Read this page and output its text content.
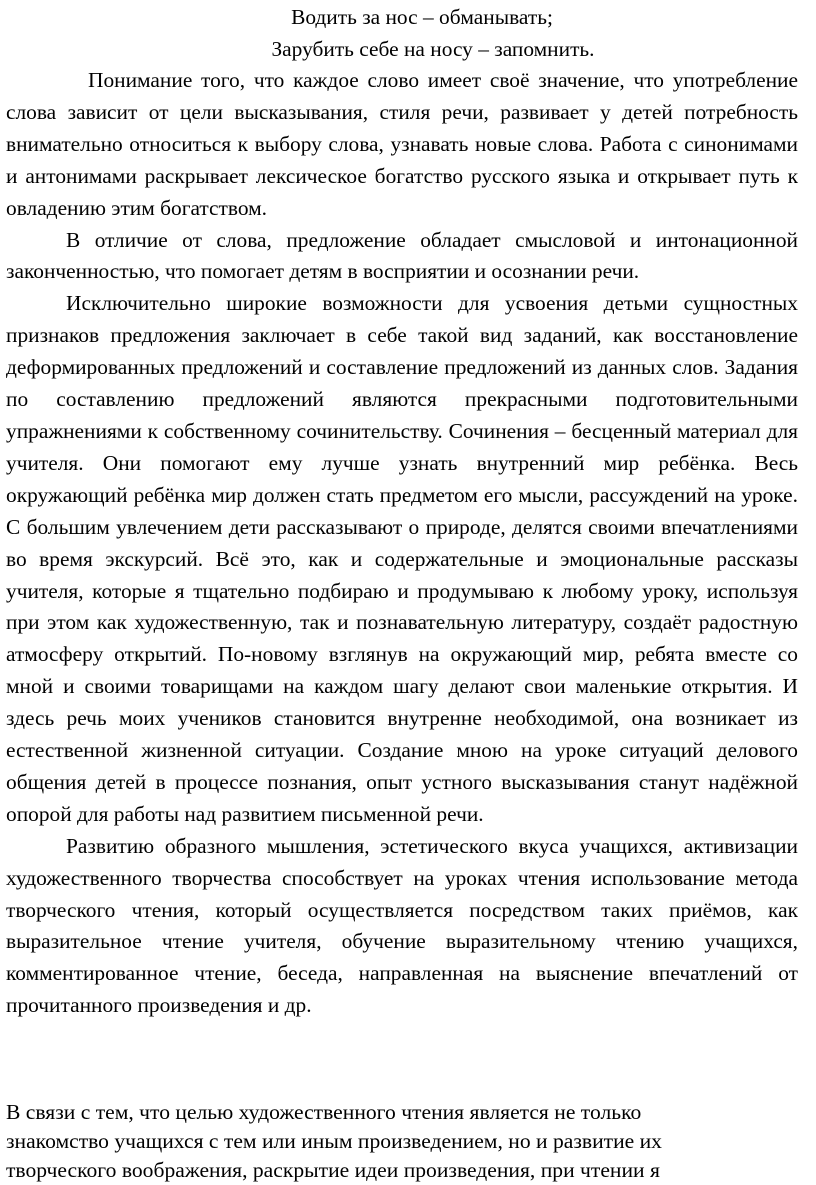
Водить за нос – обманывать;

Зарубить себе на носу – запомнить.

Понимание того, что каждое слово имеет своё значение, что употребление слова зависит от цели высказывания, стиля речи, развивает у детей потребность внимательно относиться к выбору слова, узнавать новые слова. Работа с синонимами и антонимами раскрывает лексическое богатство русского языка и открывает путь к овладению этим богатством.

В отличие от слова, предложение обладает смысловой и интонационной законченностью, что помогает детям в восприятии и осознании речи.

Исключительно широкие возможности для усвоения детьми сущностных признаков предложения заключает в себе такой вид заданий, как восстановление деформированных предложений и составление предложений из данных слов. Задания по составлению предложений являются прекрасными подготовительными упражнениями к собственному сочинительству. Сочинения – бесценный материал для учителя. Они помогают ему лучше узнать внутренний мир ребёнка. Весь окружающий ребёнка мир должен стать предметом его мысли, рассуждений на уроке. С большим увлечением дети рассказывают о природе, делятся своими впечатлениями во время экскурсий. Всё это, как и содержательные и эмоциональные рассказы учителя, которые я тщательно подбираю и продумываю к любому уроку, используя при этом как художественную, так и познавательную литературу, создаёт радостную атмосферу открытий. По-новому взглянув на окружающий мир, ребята вместе со мной и своими товарищами на каждом шагу делают свои маленькие открытия. И здесь речь моих учеников становится внутренне необходимой, она возникает из естественной жизненной ситуации. Создание мною на уроке ситуаций делового общения детей в процессе познания, опыт устного высказывания станут надёжной опорой для работы над развитием письменной речи.

Развитию образного мышления, эстетического вкуса учащихся, активизации художественного творчества способствует на уроках чтения использование метода творческого чтения, который осуществляется посредством таких приёмов, как выразительное чтение учителя, обучение выразительному чтению учащихся, комментированное чтение, беседа, направленная на выяснение впечатлений от прочитанного произведения и др.

В связи с тем, что целью художественного чтения является не только
знакомство учащихся с тем или иным произведением, но и развитие их
творческого воображения, раскрытие идеи произведения, при чтении я
